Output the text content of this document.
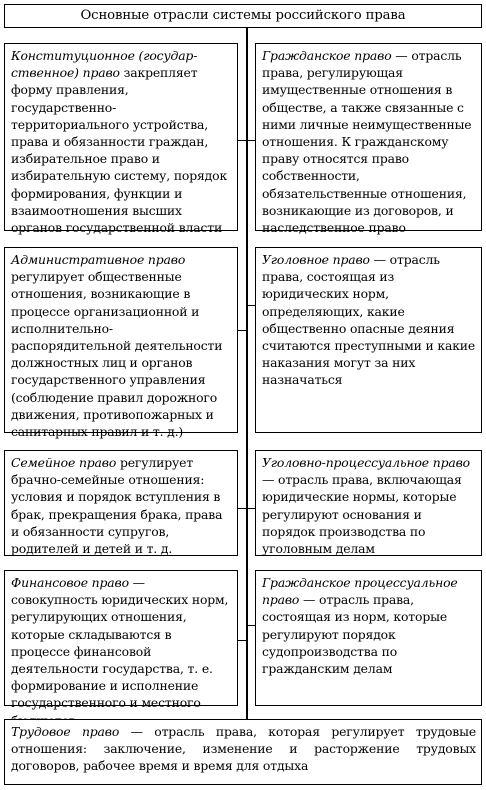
Основные отрасли системы российского права
Конституционное (государственное) право закрепляет форму правления, государственно-территориального устройства, права и обязанности граждан, избирательное право и избирательную систему, порядок формирования, функции и взаимоотношения высших органов государственной власти
Административное право регулирует общественные отношения, возникающие в процессе организационной и исполнительно-распорядительной деятельности должностных лиц и органов государственного управления (соблюдение правил дорожного движения, противопожарных и санитарных правил и т. д.)
Семейное право регулирует брачно-семейные отношения: условия и порядок вступления в брак, прекращения брака, права и обязанности супругов, родителей и детей и т. д.
Финансовое право — совокупность юридических норм, регулирующих отношения, которые складываются в процессе финансовой деятельности государства, т. е. формирование и исполнение государственного и местного
Гражданское право — отрасль права, регулирующая имущественные отношения в обществе, а также связанные с ними личные неимущественные отношения. К гражданскому праву относятся право собственности, обязательственные отношения, возникающие из договоров, и наследственное право
Уголовное право — отрасль права, состоящая из юридических норм, определяющих, какие общественно опасные деяния считаются преступными и какие наказания могут за них назначаться
Уголовно-процессуальное право — отрасль права, включающая юридические нормы, которые регулируют основания и порядок производства по уголовным делам
Гражданское процессуальное право — отрасль права, состоящая из норм, которые регулируют порядок судопроизводства по гражданским делам
Трудовое право — отрасль права, которая регулирует трудовые отношения: заключение, изменение и расторжение трудовых договоров, рабочее время и время для отдыха
